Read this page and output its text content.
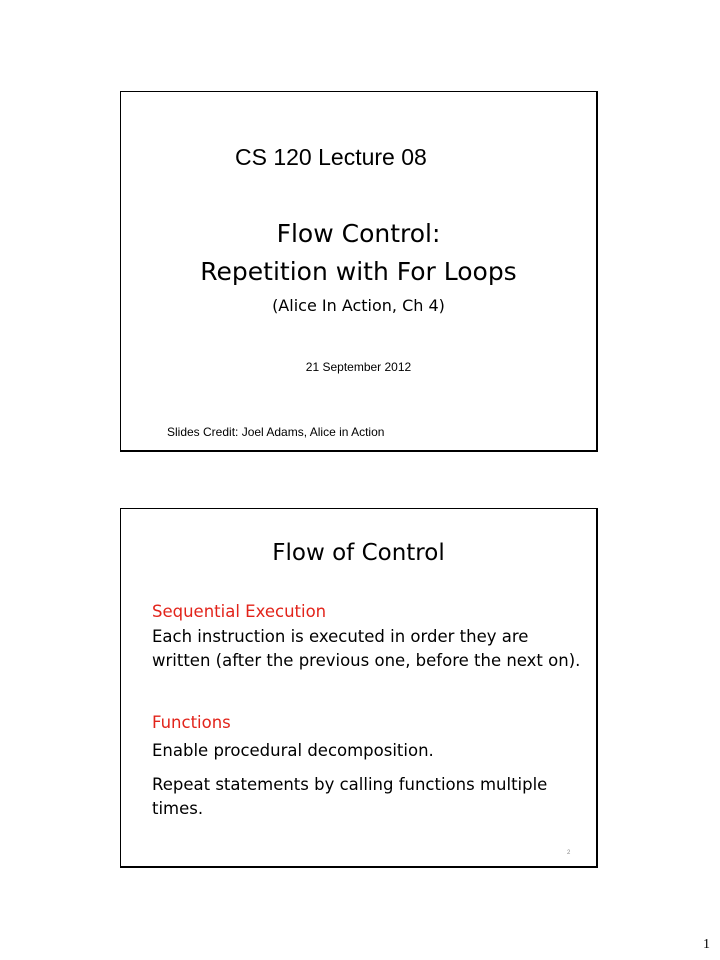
CS 120 Lecture 08
Flow Control:
Repetition with For Loops
(Alice In Action, Ch 4)
21 September 2012
Slides Credit: Joel Adams, Alice in Action
Flow of Control
Sequential Execution
Each instruction is executed in order they are written (after the previous one, before the next on).
Functions
Enable procedural decomposition.
Repeat statements by calling functions multiple times.
2
1
